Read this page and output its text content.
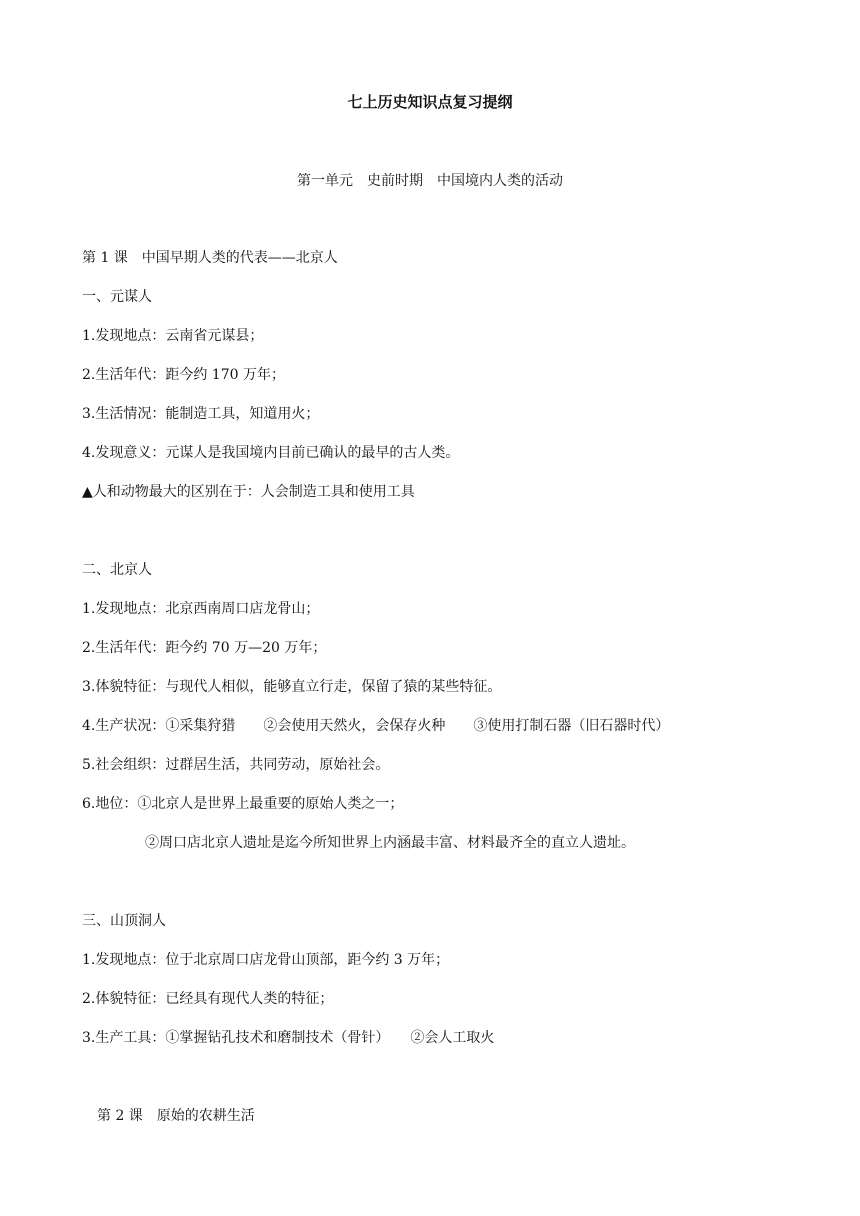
七上历史知识点复习提纲
第一单元　史前时期　中国境内人类的活动
第 1 课　中国早期人类的代表——北京人
一、元谋人
1.发现地点：云南省元谋县；
2.生活年代：距今约 170 万年；
3.生活情况：能制造工具，知道用火；
4.发现意义：元谋人是我国境内目前已确认的最早的古人类。
▲人和动物最大的区别在于：人会制造工具和使用工具
二、北京人
1.发现地点：北京西南周口店龙骨山；
2.生活年代：距今约 70 万—20 万年；
3.体貌特征：与现代人相似，能够直立行走，保留了猿的某些特征。
4.生产状况：①采集狩猎　　②会使用天然火，会保存火种　　③使用打制石器（旧石器时代）
5.社会组织：过群居生活，共同劳动，原始社会。
6.地位：①北京人是世界上最重要的原始人类之一；
②周口店北京人遗址是迄今所知世界上内涵最丰富、材料最齐全的直立人遗址。
三、山顶洞人
1.发现地点：位于北京周口店龙骨山顶部，距今约 3 万年；
2.体貌特征：已经具有现代人类的特征；
3.生产工具：①掌握钻孔技术和磨制技术（骨针）　　②会人工取火
第 2 课　原始的农耕生活
